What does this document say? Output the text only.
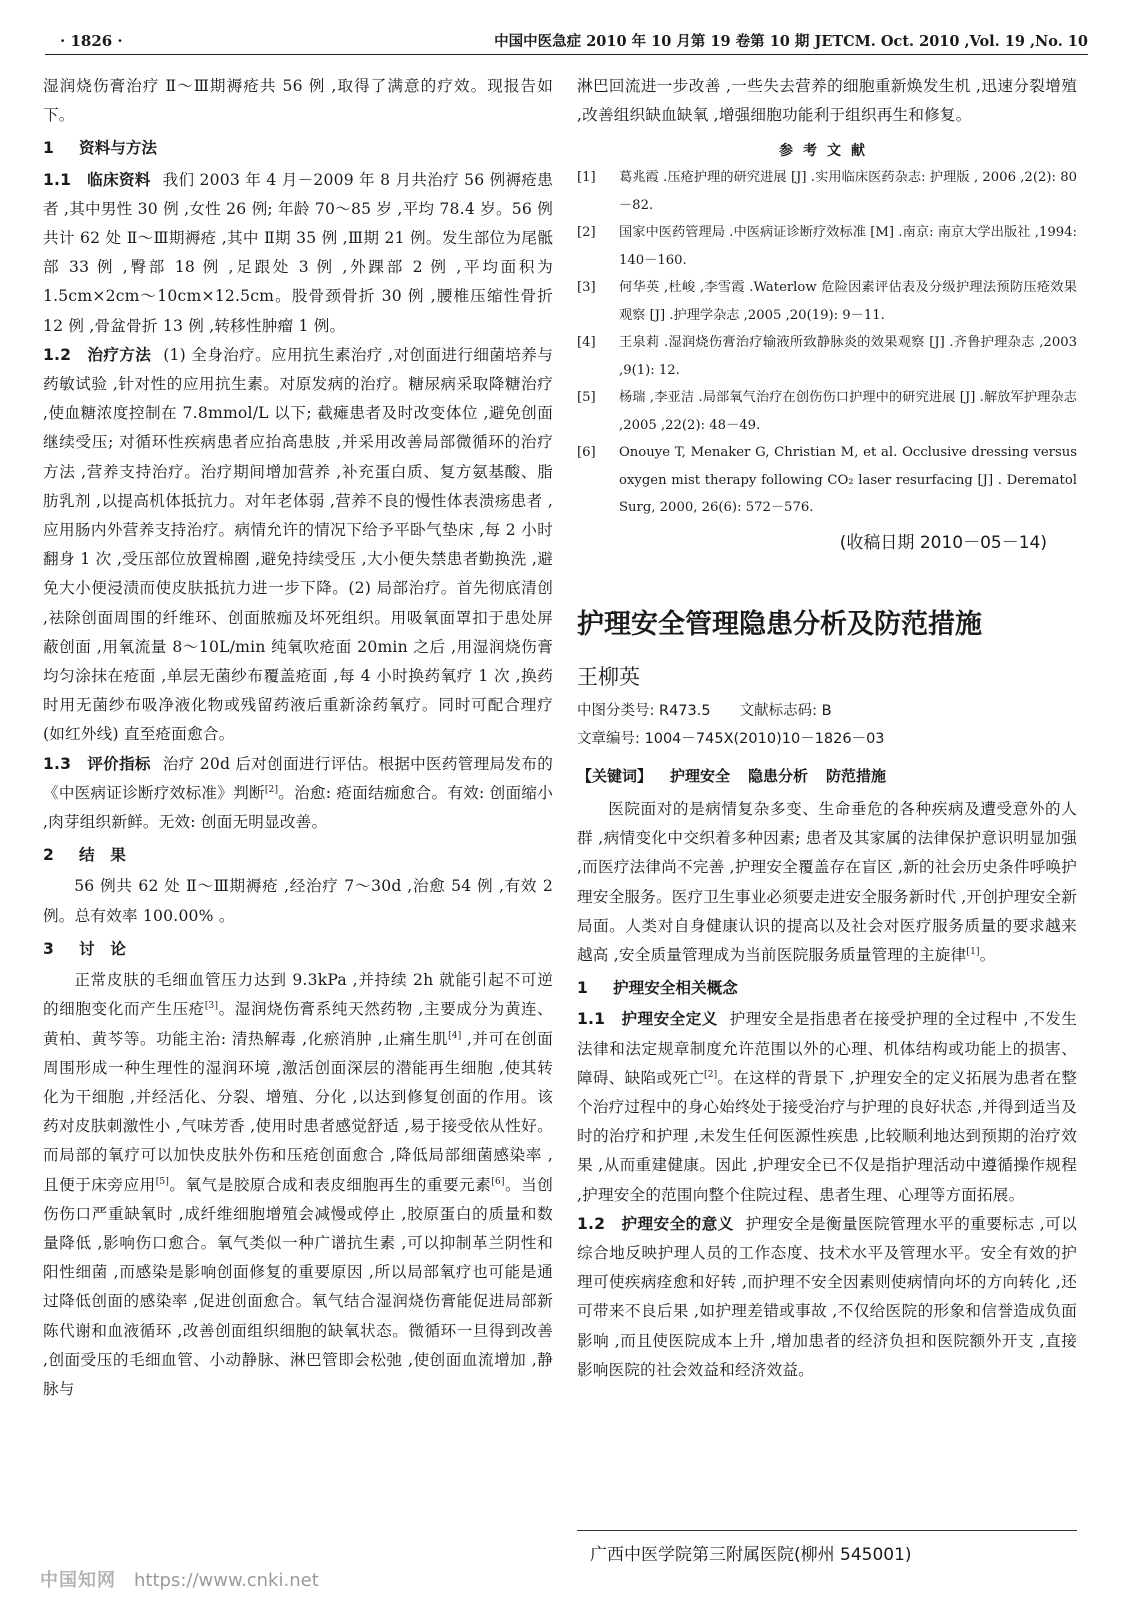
· 1826 ·	中国中医急症 2010 年 10 月第 19 卷第 10 期 JETCM. Oct. 2010 ,Vol. 19 ,No. 10

湿润烧伤膏治疗 Ⅱ～Ⅲ期褥疮共 56 例 ,取得了满意的疗效。现报告如下。

1 资料与方法

1.1　临床资料 我们 2003 年 4 月－2009 年 8 月共治疗 56 例褥疮患者 ,其中男性 30 例 ,女性 26 例; 年龄 70～85 岁 ,平均 78.4 岁。56 例共计 62 处 Ⅱ～Ⅲ期褥疮 ,其中 Ⅱ期 35 例 ,Ⅲ期 21 例。发生部位为尾骶部 33 例 ,臀部 18 例 ,足跟处 3 例 ,外踝部 2 例 ,平均面积为 1.5cm×2cm～10cm×12.5cm。股骨颈骨折 30 例 ,腰椎压缩性骨折 12 例 ,骨盆骨折 13 例 ,转移性肿瘤 1 例。

1.2　治疗方法 (1) 全身治疗。应用抗生素治疗 ,对创面进行细菌培养与药敏试验 ,针对性的应用抗生素。对原发病的治疗。糖尿病采取降糖治疗 ,使血糖浓度控制在 7.8mmol/L 以下; 截瘫患者及时改变体位 ,避免创面继续受压; 对循环性疾病患者应抬高患肢 ,并采用改善局部微循环的治疗方法 ,营养支持治疗。治疗期间增加营养 ,补充蛋白质、复方氨基酸、脂肪乳剂 ,以提高机体抵抗力。对年老体弱 ,营养不良的慢性体表溃疡患者 ,应用肠内外营养支持治疗。病情允许的情况下给予平卧气垫床 ,每 2 小时翻身 1 次 ,受压部位放置棉圈 ,避免持续受压 ,大小便失禁患者勤换洗 ,避免大小便浸渍而使皮肤抵抗力进一步下降。(2) 局部治疗。首先彻底清创 ,祛除创面周围的纤维环、创面脓痂及坏死组织。用吸氧面罩扣于患处屏蔽创面 ,用氧流量 8～10L/min 纯氧吹疮面 20min 之后 ,用湿润烧伤膏均匀涂抹在疮面 ,单层无菌纱布覆盖疮面 ,每 4 小时换药氧疗 1 次 ,换药时用无菌纱布吸净液化物或残留药液后重新涂药氧疗。同时可配合理疗 (如红外线) 直至疮面愈合。

1.3　评价指标 治疗 20d 后对创面进行评估。根据中医药管理局发布的《中医病证诊断疗效标准》判断[2]。治愈: 疮面结痂愈合。有效: 创面缩小 ,肉芽组织新鲜。无效: 创面无明显改善。

2 结　果

56 例共 62 处 Ⅱ～Ⅲ期褥疮 ,经治疗 7～30d ,治愈 54 例 ,有效 2 例。总有效率 100.00% 。

3 讨　论

正常皮肤的毛细血管压力达到 9.3kPa ,并持续 2h 就能引起不可逆的细胞变化而产生压疮[3]。湿润烧伤膏系纯天然药物 ,主要成分为黄连、黄柏、黄芩等。功能主治: 清热解毒 ,化瘀消肿 ,止痛生肌[4] ,并可在创面周围形成一种生理性的湿润环境 ,激活创面深层的潜能再生细胞 ,使其转化为干细胞 ,并经活化、分裂、增殖、分化 ,以达到修复创面的作用。该药对皮肤刺激性小 ,气味芳香 ,使用时患者感觉舒适 ,易于接受依从性好。而局部的氧疗可以加快皮肤外伤和压疮创面愈合 ,降低局部细菌感染率 ,且便于床旁应用[5]。氧气是胶原合成和表皮细胞再生的重要元素[6]。当创伤伤口严重缺氧时 ,成纤维细胞增殖会减慢或停止 ,胶原蛋白的质量和数量降低 ,影响伤口愈合。氧气类似一种广谱抗生素 ,可以抑制革兰阴性和阳性细菌 ,而感染是影响创面修复的重要原因 ,所以局部氧疗也可能是通过降低创面的感染率 ,促进创面愈合。氧气结合湿润烧伤膏能促进局部新陈代谢和血液循环 ,改善创面组织细胞的缺氧状态。微循环一旦得到改善 ,创面受压的毛细血管、小动静脉、淋巴管即会松弛 ,使创面血流增加 ,静脉与

淋巴回流进一步改善 ,一些失去营养的细胞重新焕发生机 ,迅速分裂增殖 ,改善组织缺血缺氧 ,增强细胞功能利于组织再生和修复。

参考文献
[1]	葛兆霞 .压疮护理的研究进展 [J] .实用临床医药杂志: 护理版 , 2006 ,2(2): 80－82.
[2]	国家中医药管理局 .中医病证诊断疗效标准 [M] .南京: 南京大学出版社 ,1994: 140－160.
[3]	何华英 ,杜峻 ,李雪霞 .Waterlow 危险因素评估表及分级护理法预防压疮效果观察 [J] .护理学杂志 ,2005 ,20(19): 9－11.
[4]	王泉莉 .湿润烧伤膏治疗输液所致静脉炎的效果观察 [J] .齐鲁护理杂志 ,2003 ,9(1): 12.
[5]	杨瑞 ,李亚洁 .局部氧气治疗在创伤伤口护理中的研究进展 [J] .解放军护理杂志 ,2005 ,22(2): 48－49.
[6]	Onouye T, Menaker G, Christian M, et al. Occlusive dressing versus oxygen mist therapy following CO₂ laser resurfacing [J] . Derematol Surg, 2000, 26(6): 572－576.
(收稿日期 2010－05－14)
护理安全管理隐患分析及防范措施
王柳英

中图分类号: R473.5　　 文献标志码: B

文章编号: 1004－745X(2010)10－1826－03

【关键词】 护理安全 隐患分析 防范措施

医院面对的是病情复杂多变、生命垂危的各种疾病及遭受意外的人群 ,病情变化中交织着多种因素; 患者及其家属的法律保护意识明显加强 ,而医疗法律尚不完善 ,护理安全覆盖存在盲区 ,新的社会历史条件呼唤护理安全服务。医疗卫生事业必须要走进安全服务新时代 ,开创护理安全新局面。人类对自身健康认识的提高以及社会对医疗服务质量的要求越来越高 ,安全质量管理成为当前医院服务质量管理的主旋律[1]。

1 护理安全相关概念

1.1　护理安全定义 护理安全是指患者在接受护理的全过程中 ,不发生法律和法定规章制度允许范围以外的心理、机体结构或功能上的损害、障碍、缺陷或死亡[2]。在这样的背景下 ,护理安全的定义拓展为患者在整个治疗过程中的身心始终处于接受治疗与护理的良好状态 ,并得到适当及时的治疗和护理 ,未发生任何医源性疾患 ,比较顺利地达到预期的治疗效果 ,从而重建健康。因此 ,护理安全已不仅是指护理活动中遵循操作规程 ,护理安全的范围向整个住院过程、患者生理、心理等方面拓展。

1.2　护理安全的意义 护理安全是衡量医院管理水平的重要标志 ,可以综合地反映护理人员的工作态度、技术水平及管理水平。安全有效的护理可使疾病痊愈和好转 ,而护理不安全因素则使病情向坏的方向转化 ,还可带来不良后果 ,如护理差错或事故 ,不仅给医院的形象和信誉造成负面影响 ,而且使医院成本上升 ,增加患者的经济负担和医院额外开支 ,直接影响医院的社会效益和经济效益。

广西中医学院第三附属医院(柳州 545001)
中国知网 https://www.cnki.net
